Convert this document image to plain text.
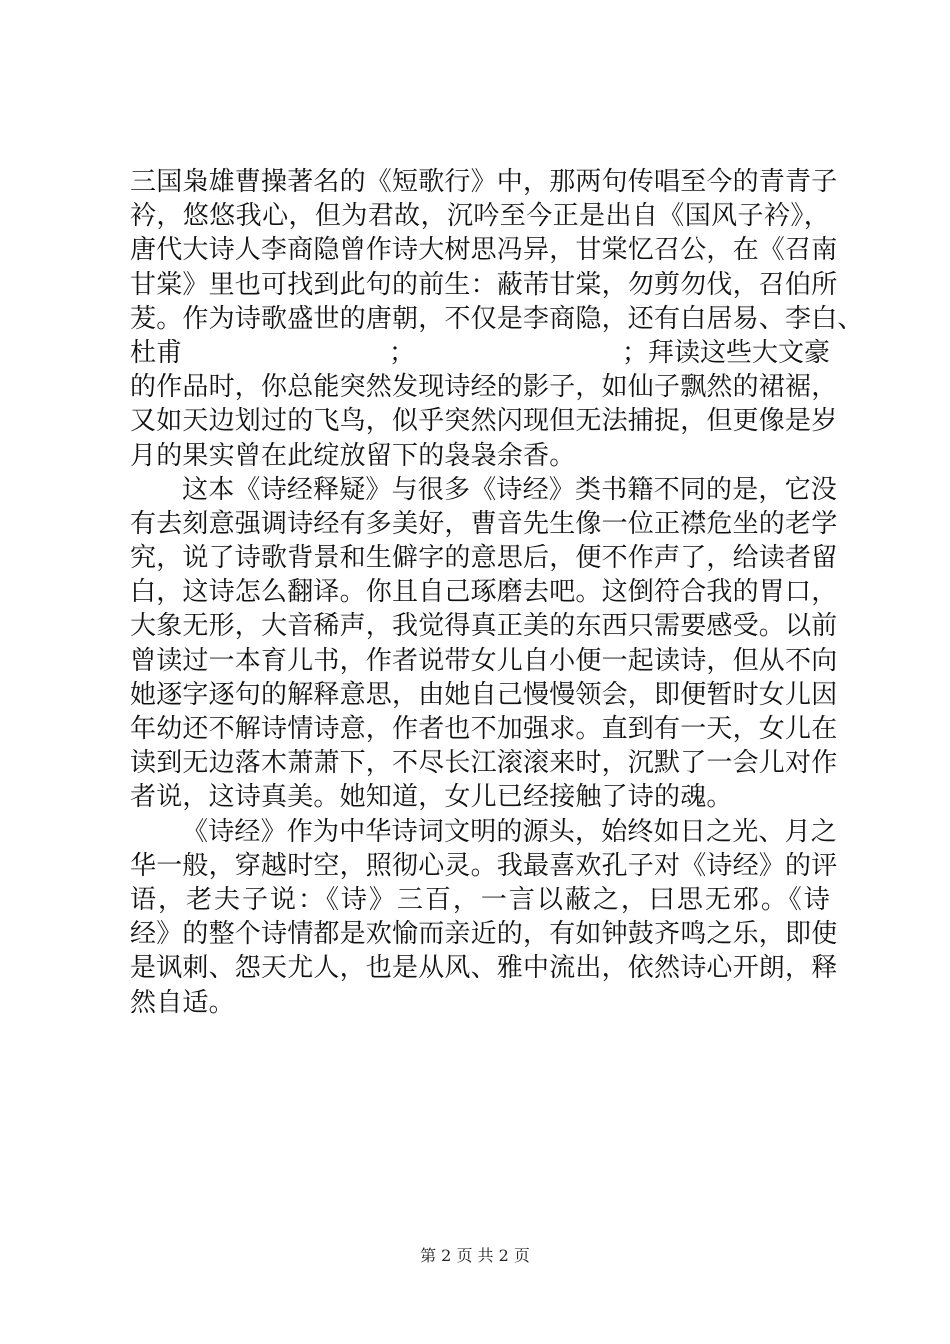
三国枭雄曹操著名的《短歌行》中，那两句传唱至今的青青子
衿，悠悠我心，但为君故，沉吟至今正是出自《国风子衿》，
唐代大诗人李商隐曾作诗大树思冯异，甘棠忆召公，在《召南
甘棠》里也可找到此句的前生：蔽芾甘棠，勿剪勿伐，召伯所
茇。作为诗歌盛世的唐朝，不仅是李商隐，还有白居易、李白、
杜甫	；	；拜读这些大文豪
的作品时，你总能突然发现诗经的影子，如仙子飘然的裙裾，
又如天边划过的飞鸟，似乎突然闪现但无法捕捉，但更像是岁
月的果实曾在此绽放留下的袅袅余香。
这本《诗经释疑》与很多《诗经》类书籍不同的是，它没
有去刻意强调诗经有多美好，曹音先生像一位正襟危坐的老学
究，说了诗歌背景和生僻字的意思后，便不作声了，给读者留
白，这诗怎么翻译。你且自己琢磨去吧。这倒符合我的胃口，
大象无形，大音稀声，我觉得真正美的东西只需要感受。以前
曾读过一本育儿书，作者说带女儿自小便一起读诗，但从不向
她逐字逐句的解释意思，由她自己慢慢领会，即便暂时女儿因
年幼还不解诗情诗意，作者也不加强求。直到有一天，女儿在
读到无边落木萧萧下，不尽长江滚滚来时，沉默了一会儿对作
者说，这诗真美。她知道，女儿已经接触了诗的魂。
《诗经》作为中华诗词文明的源头，始终如日之光、月之
华一般，穿越时空，照彻心灵。我最喜欢孔子对《诗经》的评
语，老夫子说：《诗》三百，一言以蔽之，曰思无邪。《诗
经》的整个诗情都是欢愉而亲近的，有如钟鼓齐鸣之乐，即使
是讽刺、怨天尤人，也是从风、雅中流出，依然诗心开朗，释
然自适。
第 2 页 共 2 页
